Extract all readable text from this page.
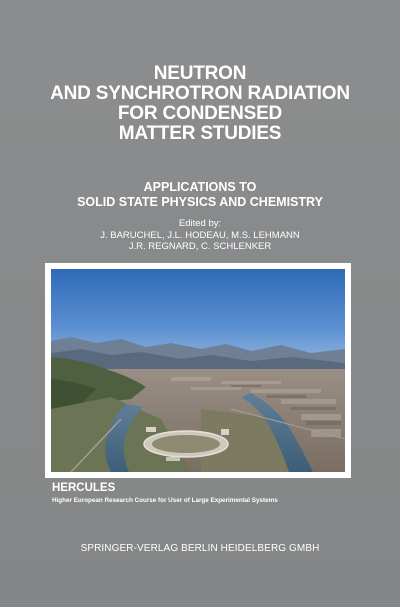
NEUTRON
AND SYNCHROTRON RADIATION
FOR CONDENSED
MATTER STUDIES
APPLICATIONS TO
SOLID STATE PHYSICS AND CHEMISTRY
Edited by:
J. BARUCHEL, J.L. HODEAU, M.S. LEHMANN
J.R. REGNARD, C. SCHLENKER
HERCULES
Higher European Research Course for User of Large Experimental Systems
SPRINGER-VERLAG BERLIN HEIDELBERG GMBH
